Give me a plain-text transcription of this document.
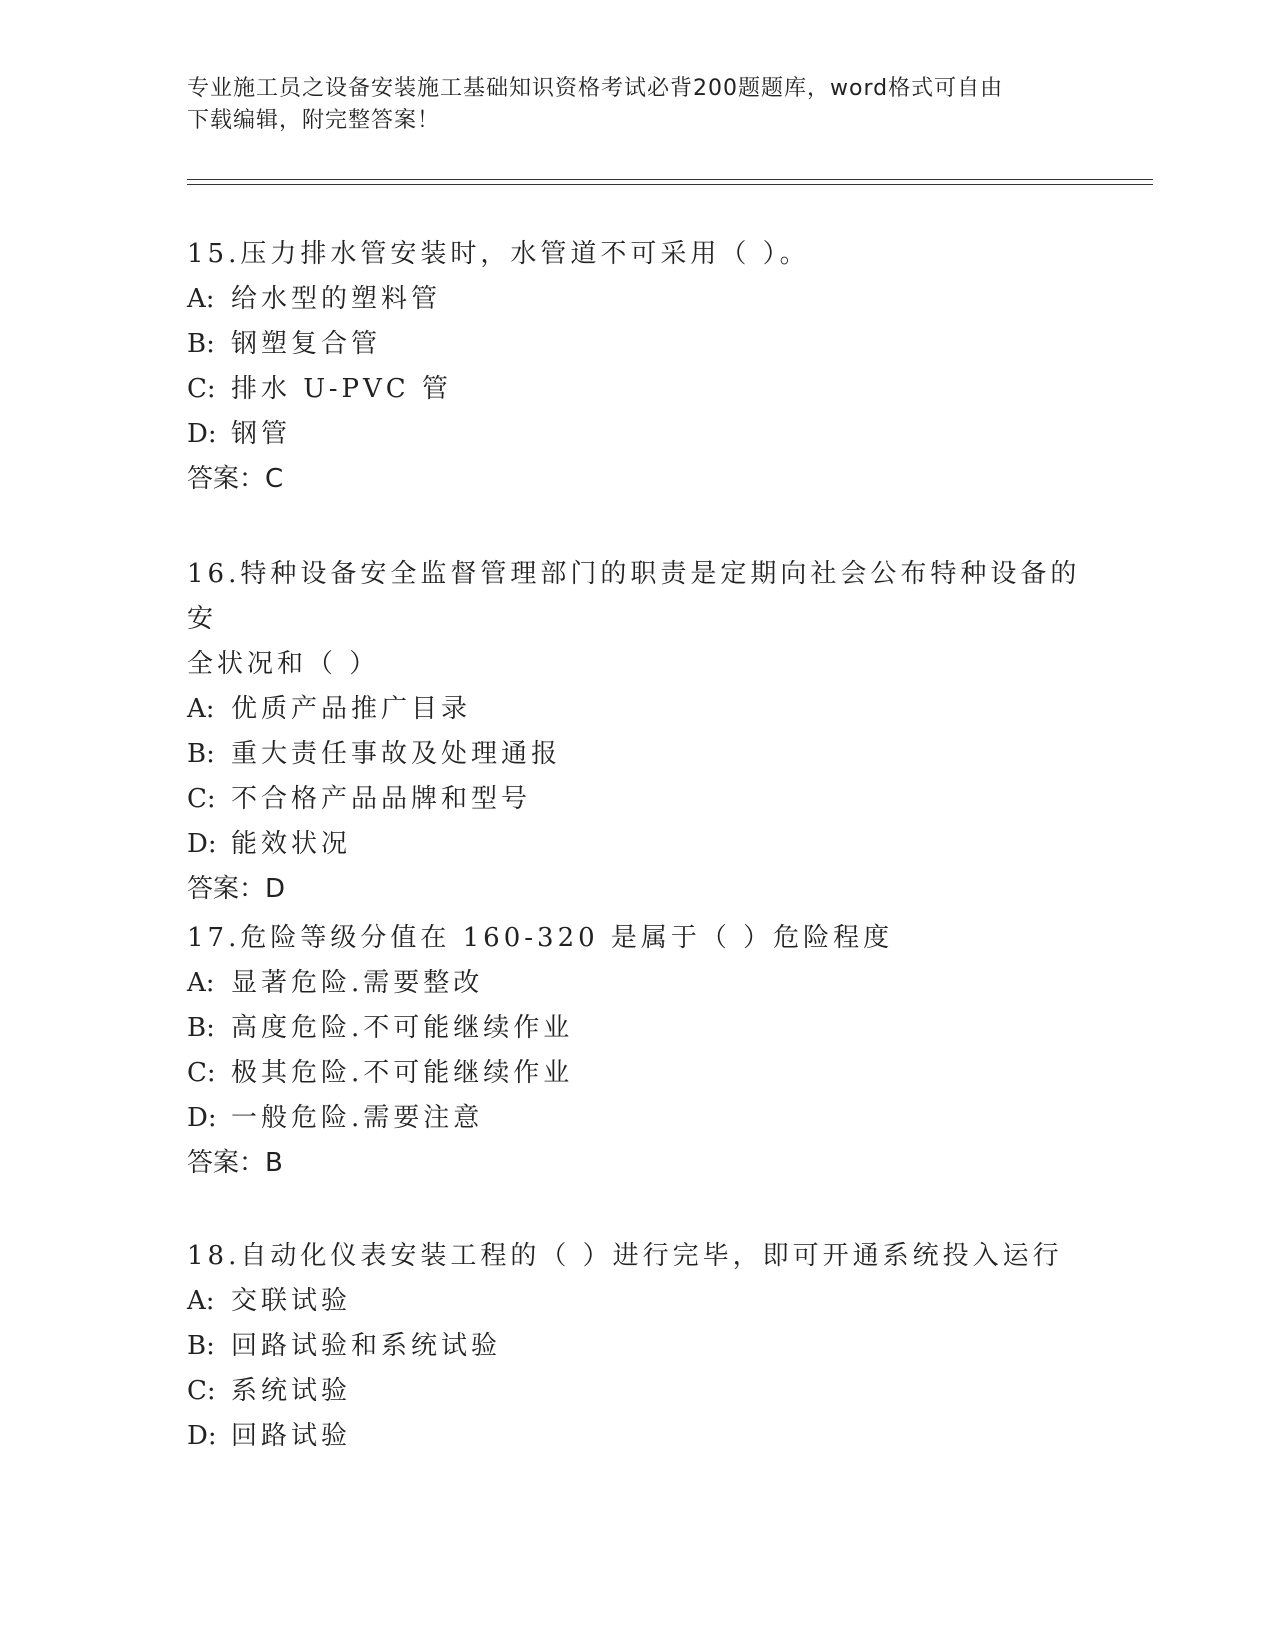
专业施工员之设备安装施工基础知识资格考试必背200题题库，word格式可自由
下载编辑，附完整答案！

15.压力排水管安装时，水管道不可采用（ ）。

A: 给水型的塑料管

B: 钢塑复合管

C: 排水 U-PVC 管

D: 钢管

答案：C

16.特种设备安全监督管理部门的职责是定期向社会公布特种设备的安

全状况和（ ）

A: 优质产品推广目录

B: 重大责任事故及处理通报

C: 不合格产品品牌和型号

D: 能效状况

答案：D

17.危险等级分值在 160-320 是属于（ ）危险程度

A: 显著危险.需要整改

B: 高度危险.不可能继续作业

C: 极其危险.不可能继续作业

D: 一般危险.需要注意

答案：B

18.自动化仪表安装工程的（ ）进行完毕，即可开通系统投入运行

A: 交联试验

B: 回路试验和系统试验

C: 系统试验

D: 回路试验
